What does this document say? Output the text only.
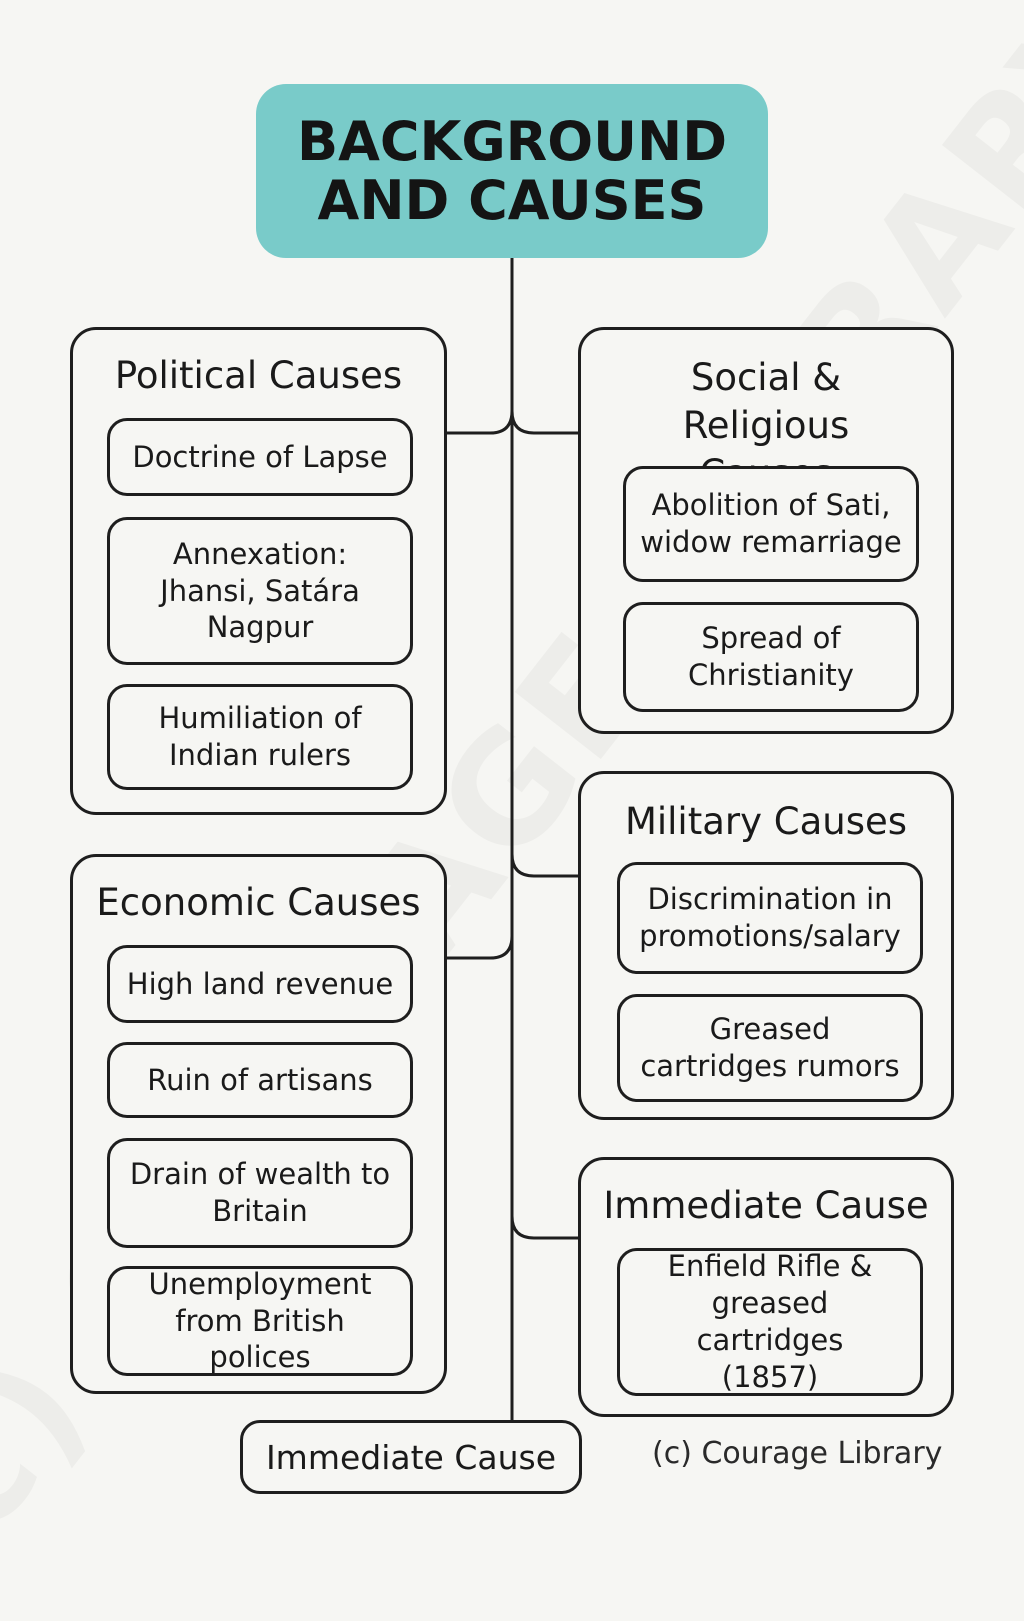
BACKGROUND AND CAUSES
Political Causes
Doctrine of Lapse
Annexation: Jhansi, Satára Nagpur
Humiliation of Indian rulers
Economic Causes
High land revenue
Ruin of artisans
Drain of wealth to Britain
Unemployment from British polices
Social & Religious
Abolition of Sati, widow remarriage
Spread of Christianity
Military Causes
Discrimination in promotions/salary
Greased cartridges rumors
Immediate Cause
Enfield Rifle & greased cartridges (1857)
Immediate Cause	(c) Courage Library
